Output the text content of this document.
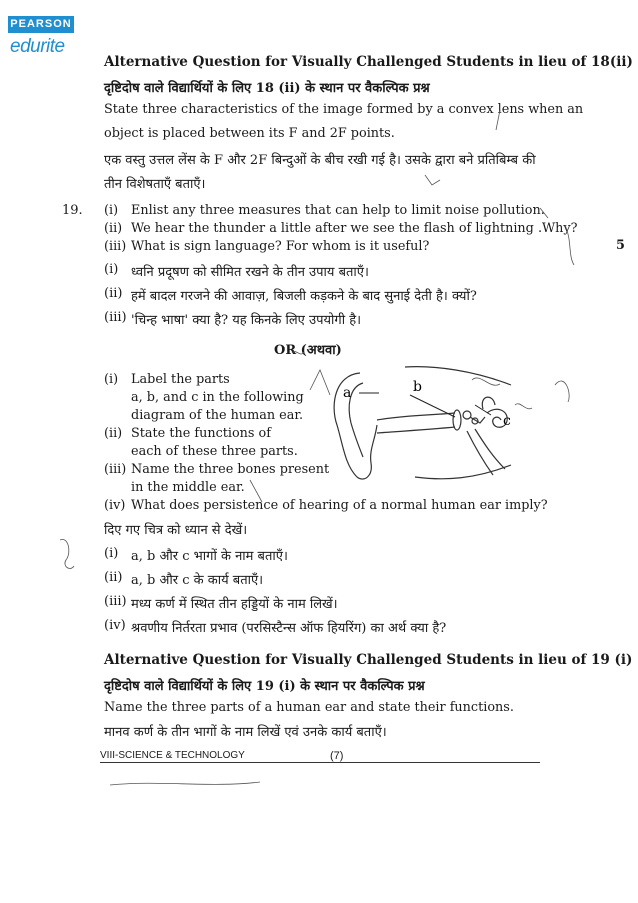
PEARSON
edurite
Alternative Question for Visually Challenged Students in lieu of 18(ii)
दृष्टिदोष वाले विद्यार्थियों के लिए 18 (ii) के स्थान पर वैकल्पिक प्रश्न
State three characteristics of the image formed by a convex lens when an
object is placed between its F and 2F points.
एक वस्तु उत्तल लेंस के F और 2F बिन्दुओं के बीच रखी गई है। उसके द्वारा बने प्रतिबिम्ब की
तीन विशेषताएँ बताएँ।
19.
5
(i) Enlist any three measures that can help to limit noise pollution.
(ii) We hear the thunder a little after we see the flash of lightning .Why?
(iii) What is sign language? For whom is it useful?
(i) ध्वनि प्रदूषण को सीमित रखने के तीन उपाय बताएँ।
(ii) हमें बादल गरजने की आवाज़, बिजली कड़कने के बाद सुनाई देती है। क्यों?
(iii) 'चिन्ह भाषा' क्या है? यह किनके लिए उपयोगी है।
OR (अथवा)
(i) Label the parts
a, b, and c in the following
diagram of the human ear.
(ii) State the functions of
each of these three parts.
(iii) Name the three bones present
in the middle ear.
(iv) What does persistence of hearing of a normal human ear imply?
दिए गए चित्र को ध्यान से देखें।
(i) a, b और c भागों के नाम बताएँ।
(ii) a, b और c के कार्य बताएँ।
(iii) मध्य कर्ण में स्थित तीन हड्डियों के नाम लिखें।
(iv) श्रवणीय निर्तरता प्रभाव (परसिस्टैन्स ऑफ हियरिंग) का अर्थ क्या है?
a	b
c
Alternative Question for Visually Challenged Students in lieu of 19 (i)
दृष्टिदोष वाले विद्यार्थियों के लिए 19 (i) के स्थान पर वैकल्पिक प्रश्न
Name the three parts of a human ear and state their functions.
मानव कर्ण के तीन भागों के नाम लिखें एवं उनके कार्य बताएँ।
VIII-SCIENCE & TECHNOLOGY	(7)
